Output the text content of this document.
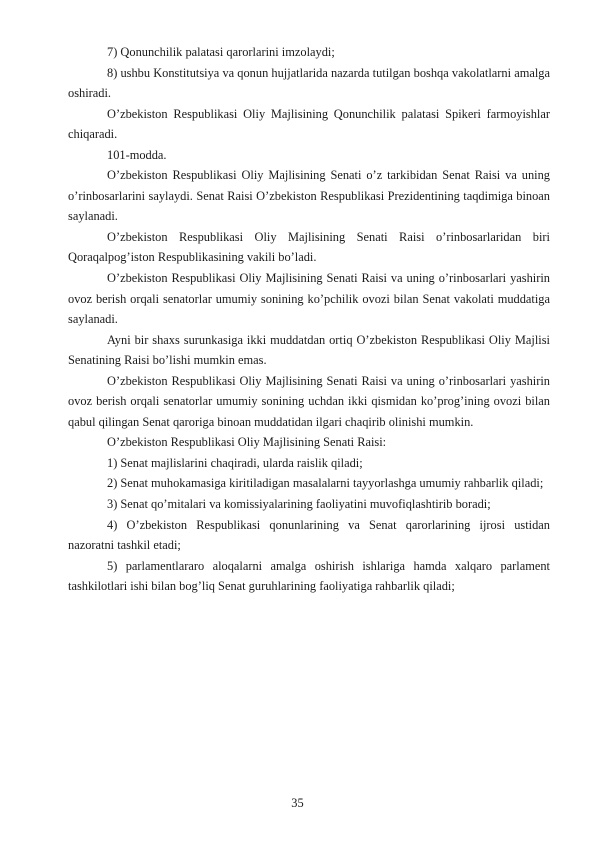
7) Qonunchilik palatasi qarorlarini imzolaydi;

8) ushbu Konstitutsiya va qonun hujjatlarida nazarda tutilgan boshqa vakolatlarni amalga oshiradi.

O’zbekiston Respublikasi Oliy Majlisining Qonunchilik palatasi Spikeri farmoyishlar chiqaradi.

101-modda.

O’zbekiston Respublikasi Oliy Majlisining Senati o’z tarkibidan Senat Raisi va uning o’rinbosarlarini saylaydi. Senat Raisi O’zbekiston Respublikasi Prezidentining taqdimiga binoan saylanadi.

O’zbekiston Respublikasi Oliy Majlisining Senati Raisi o’rinbosarlaridan biri Qoraqalpog’iston Respublikasining vakili bo’ladi.

O’zbekiston Respublikasi Oliy Majlisining Senati Raisi va uning o’rinbosarlari yashirin ovoz berish orqali senatorlar umumiy sonining ko’pchilik ovozi bilan Senat vakolati muddatiga saylanadi.

Ayni bir shaxs surunkasiga ikki muddatdan ortiq O’zbekiston Respublikasi Oliy Majlisi Senatining Raisi bo’lishi mumkin emas.

O’zbekiston Respublikasi Oliy Majlisining Senati Raisi va uning o’rinbosarlari yashirin ovoz berish orqali senatorlar umumiy sonining uchdan ikki qismidan ko’prog’ining ovozi bilan qabul qilingan Senat qaroriga binoan muddatidan ilgari chaqirib olinishi mumkin.

O’zbekiston Respublikasi Oliy Majlisining Senati Raisi:

1) Senat majlislarini chaqiradi, ularda raislik qiladi;

2) Senat muhokamasiga kiritiladigan masalalarni tayyorlashga umumiy rahbarlik qiladi;

3) Senat qo’mitalari va komissiyalarining faoliyatini muvofiqlashtirib boradi;

4) O’zbekiston Respublikasi qonunlarining va Senat qarorlarining ijrosi ustidan nazoratni tashkil etadi;

5) parlamentlararo aloqalarni amalga oshirish ishlariga hamda xalqaro parlament tashkilotlari ishi bilan bog’liq Senat guruhlarining faoliyatiga rahbarlik qiladi;

35
